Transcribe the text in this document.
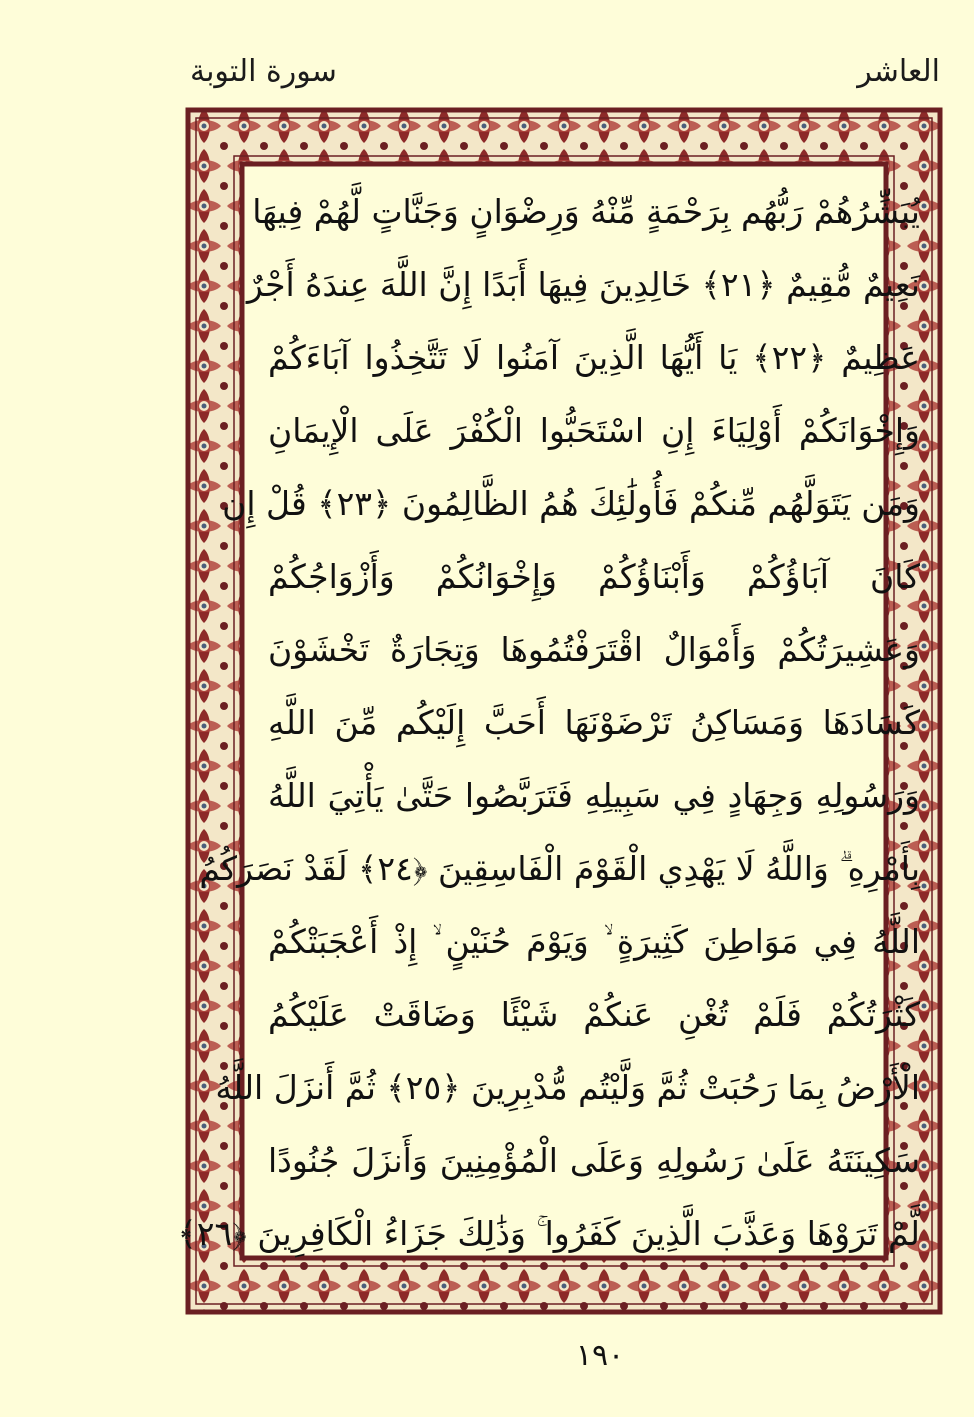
العاشر
سورة التوبة
يُبَشِّرُهُمْ رَبُّهُم بِرَحْمَةٍ مِّنْهُ وَرِضْوَانٍ وَجَنَّاتٍ لَّهُمْ فِيهَا
نَعِيمٌ مُّقِيمٌ ﴿٢١﴾ خَالِدِينَ فِيهَا أَبَدًا إِنَّ اللَّهَ عِندَهُ أَجْرٌ
عَظِيمٌ ﴿٢٢﴾ يَا أَيُّهَا الَّذِينَ آمَنُوا لَا تَتَّخِذُوا آبَاءَكُمْ
وَإِخْوَانَكُمْ أَوْلِيَاءَ إِنِ اسْتَحَبُّوا الْكُفْرَ عَلَى الْإِيمَانِ
وَمَن يَتَوَلَّهُم مِّنكُمْ فَأُولَٰئِكَ هُمُ الظَّالِمُونَ ﴿٢٣﴾ قُلْ إِن
كَانَ آبَاؤُكُمْ وَأَبْنَاؤُكُمْ وَإِخْوَانُكُمْ وَأَزْوَاجُكُمْ
وَعَشِيرَتُكُمْ وَأَمْوَالٌ اقْتَرَفْتُمُوهَا وَتِجَارَةٌ تَخْشَوْنَ
كَسَادَهَا وَمَسَاكِنُ تَرْضَوْنَهَا أَحَبَّ إِلَيْكُم مِّنَ اللَّهِ
وَرَسُولِهِ وَجِهَادٍ فِي سَبِيلِهِ فَتَرَبَّصُوا حَتَّىٰ يَأْتِيَ اللَّهُ
بِأَمْرِهِ ۗ وَاللَّهُ لَا يَهْدِي الْقَوْمَ الْفَاسِقِينَ ﴿٢٤﴾ لَقَدْ نَصَرَكُمُ
اللَّهُ فِي مَوَاطِنَ كَثِيرَةٍ ۙ وَيَوْمَ حُنَيْنٍ ۙ إِذْ أَعْجَبَتْكُمْ
كَثْرَتُكُمْ فَلَمْ تُغْنِ عَنكُمْ شَيْئًا وَضَاقَتْ عَلَيْكُمُ
الْأَرْضُ بِمَا رَحُبَتْ ثُمَّ وَلَّيْتُم مُّدْبِرِينَ ﴿٢٥﴾ ثُمَّ أَنزَلَ اللَّهُ
سَكِينَتَهُ عَلَىٰ رَسُولِهِ وَعَلَى الْمُؤْمِنِينَ وَأَنزَلَ جُنُودًا
لَّمْ تَرَوْهَا وَعَذَّبَ الَّذِينَ كَفَرُوا ۚ وَذَٰلِكَ جَزَاءُ الْكَافِرِينَ ﴿٢٦﴾
١٩٠
